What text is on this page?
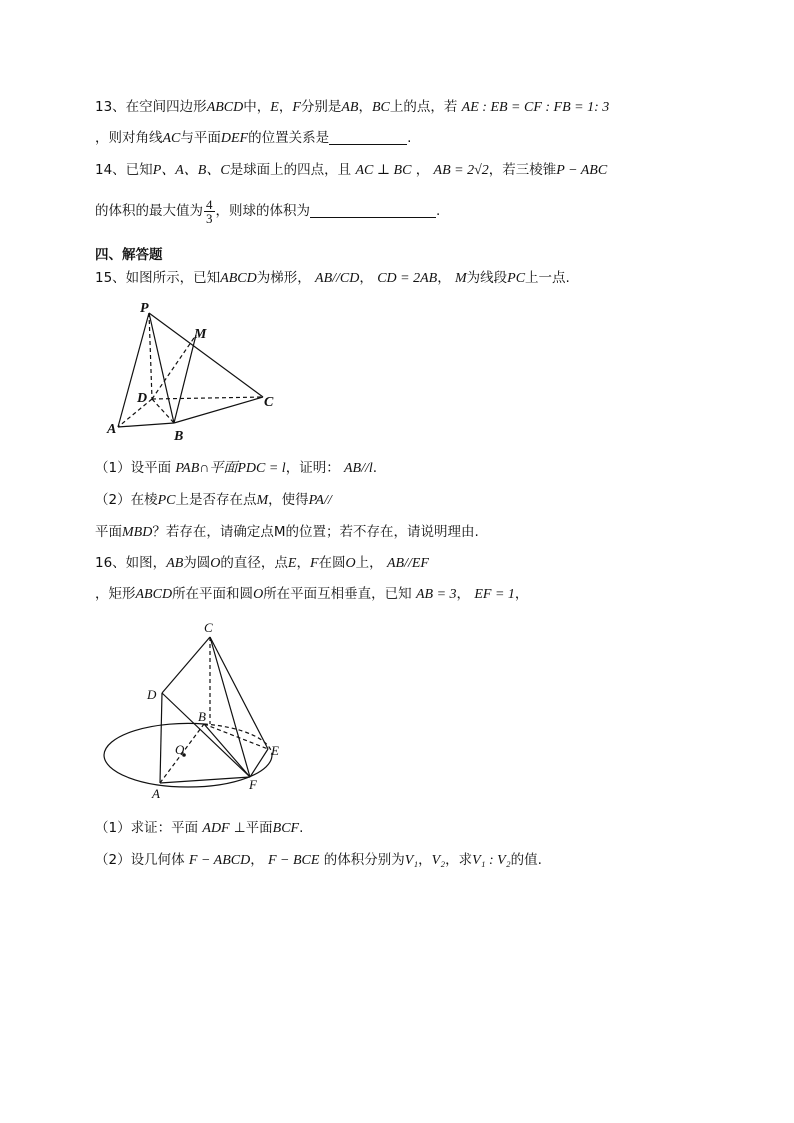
13、在空间四边形ABCD中，E，F分别是AB，BC上的点，若 AE : EB = CF : FB = 1: 3
，则对角线AC与平面DEF的位置关系是	.
14、已知P、A、B、C是球面上的四点，且 AC ⊥ BC ， AB = 2√2，若三棱锥P − ABC
的体积的最大值为 $\frac{4}{3}$ ，则球的体积为	.
四、解答题
15、如图所示，已知ABCD为梯形， AB//CD， CD = 2AB， M为线段PC上一点.
P
M
D	C
A	B
（1）设平面 PAB∩平面PDC = l，证明： AB//l.
（2）在棱PC上是否存在点M，使得PA//
平面MBD？若存在，请确定点M的位置；若不存在，请说明理由.
16、如图，AB为圆O的直径，点E，F在圆O上， AB//EF
，矩形ABCD所在平面和圆O所在平面互相垂直，已知 AB = 3， EF = 1，
C
D
B
O	E
A
F
（1）求证：平面 ADF ⊥平面BCF.
（2）设几何体 F − ABCD， F − BCE 的体积分别为V₁，V₂，求V₁ : V₂的值.
